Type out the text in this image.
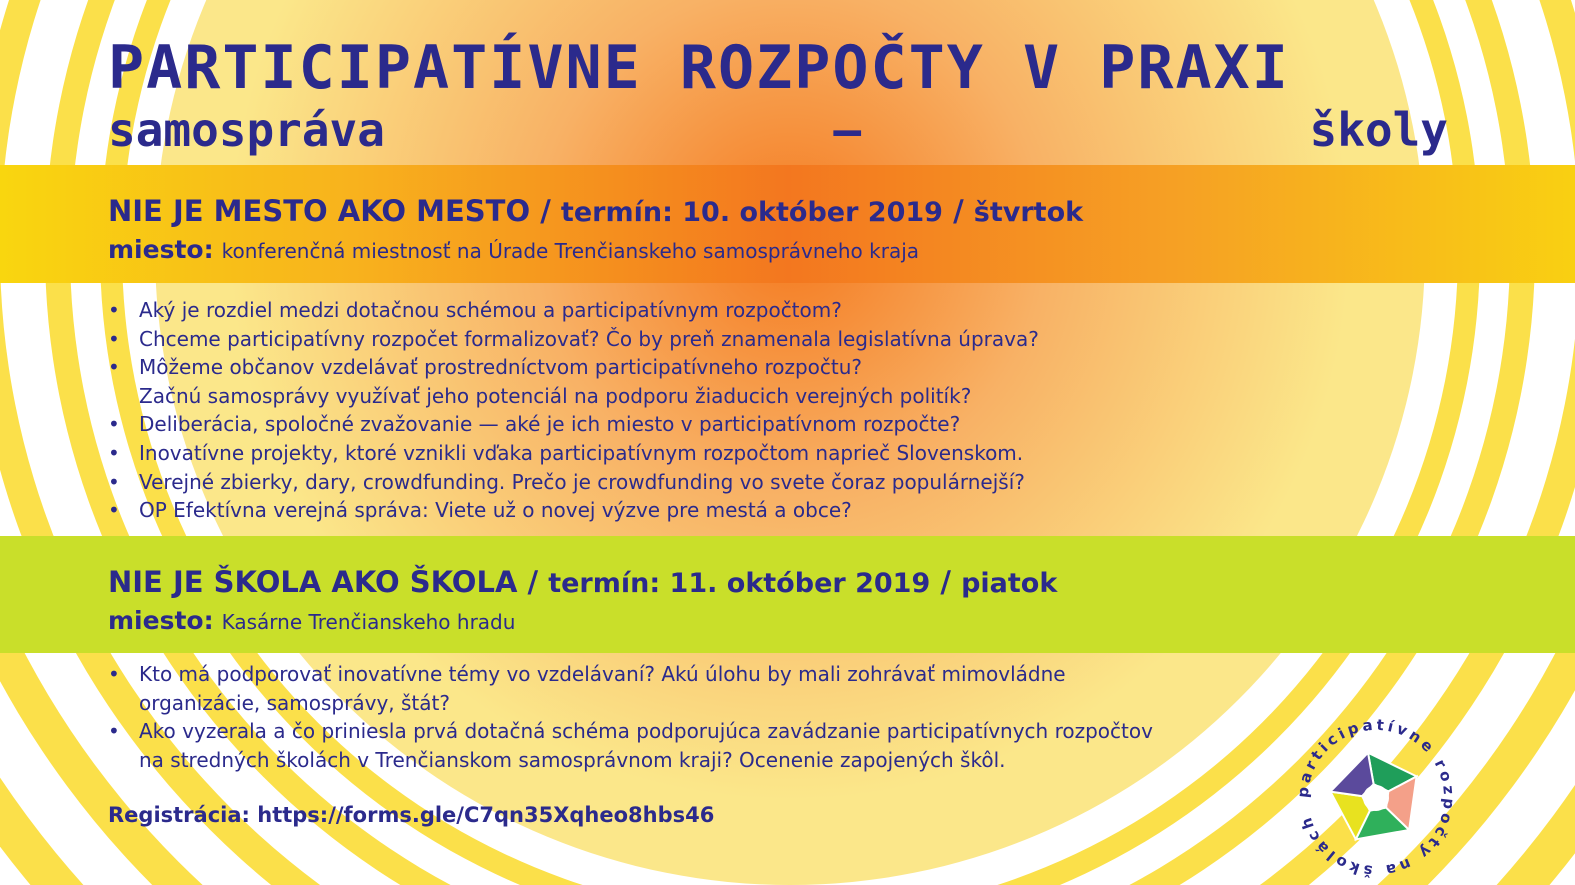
PARTICIPATÍVNE ROZPOČTY V PRAXI
samospráva — školy
NIE JE MESTO AKO MESTO / termín: 10. október 2019 / štvrtok
miesto: konferenčná miestnosť na Úrade Trenčianskeho samosprávneho kraja
• Aký je rozdiel medzi dotačnou schémou a participatívnym rozpočtom?
• Chceme participatívny rozpočet formalizovať? Čo by preň znamenala legislatívna úprava?
• Môžeme občanov vzdelávať prostredníctvom participatívneho rozpočtu?
Začnú samosprávy využívať jeho potenciál na podporu žiaducich verejných politík?
• Deliberácia, spoločné zvažovanie — aké je ich miesto v participatívnom rozpočte?
• Inovatívne projekty, ktoré vznikli vďaka participatívnym rozpočtom naprieč Slovenskom.
• Verejné zbierky, dary, crowdfunding. Prečo je crowdfunding vo svete čoraz populárnejší?
• OP Efektívna verejná správa: Viete už o novej výzve pre mestá a obce?
NIE JE ŠKOLA AKO ŠKOLA / termín: 11. október 2019 / piatok
miesto: Kasárne Trenčianskeho hradu
• Kto má podporovať inovatívne témy vo vzdelávaní? Akú úlohu by mali zohrávať mimovládne
organizácie, samosprávy, štát?
• Ako vyzerala a čo priniesla prvá dotačná schéma podporujúca zavádzanie participatívnych rozpočtov
na stredných školách v Trenčianskom samosprávnom kraji? Ocenenie zapojených škôl.
Registrácia: https://forms.gle/C7qn35Xqheo8hbs46
participatívne rozpočty na školách
